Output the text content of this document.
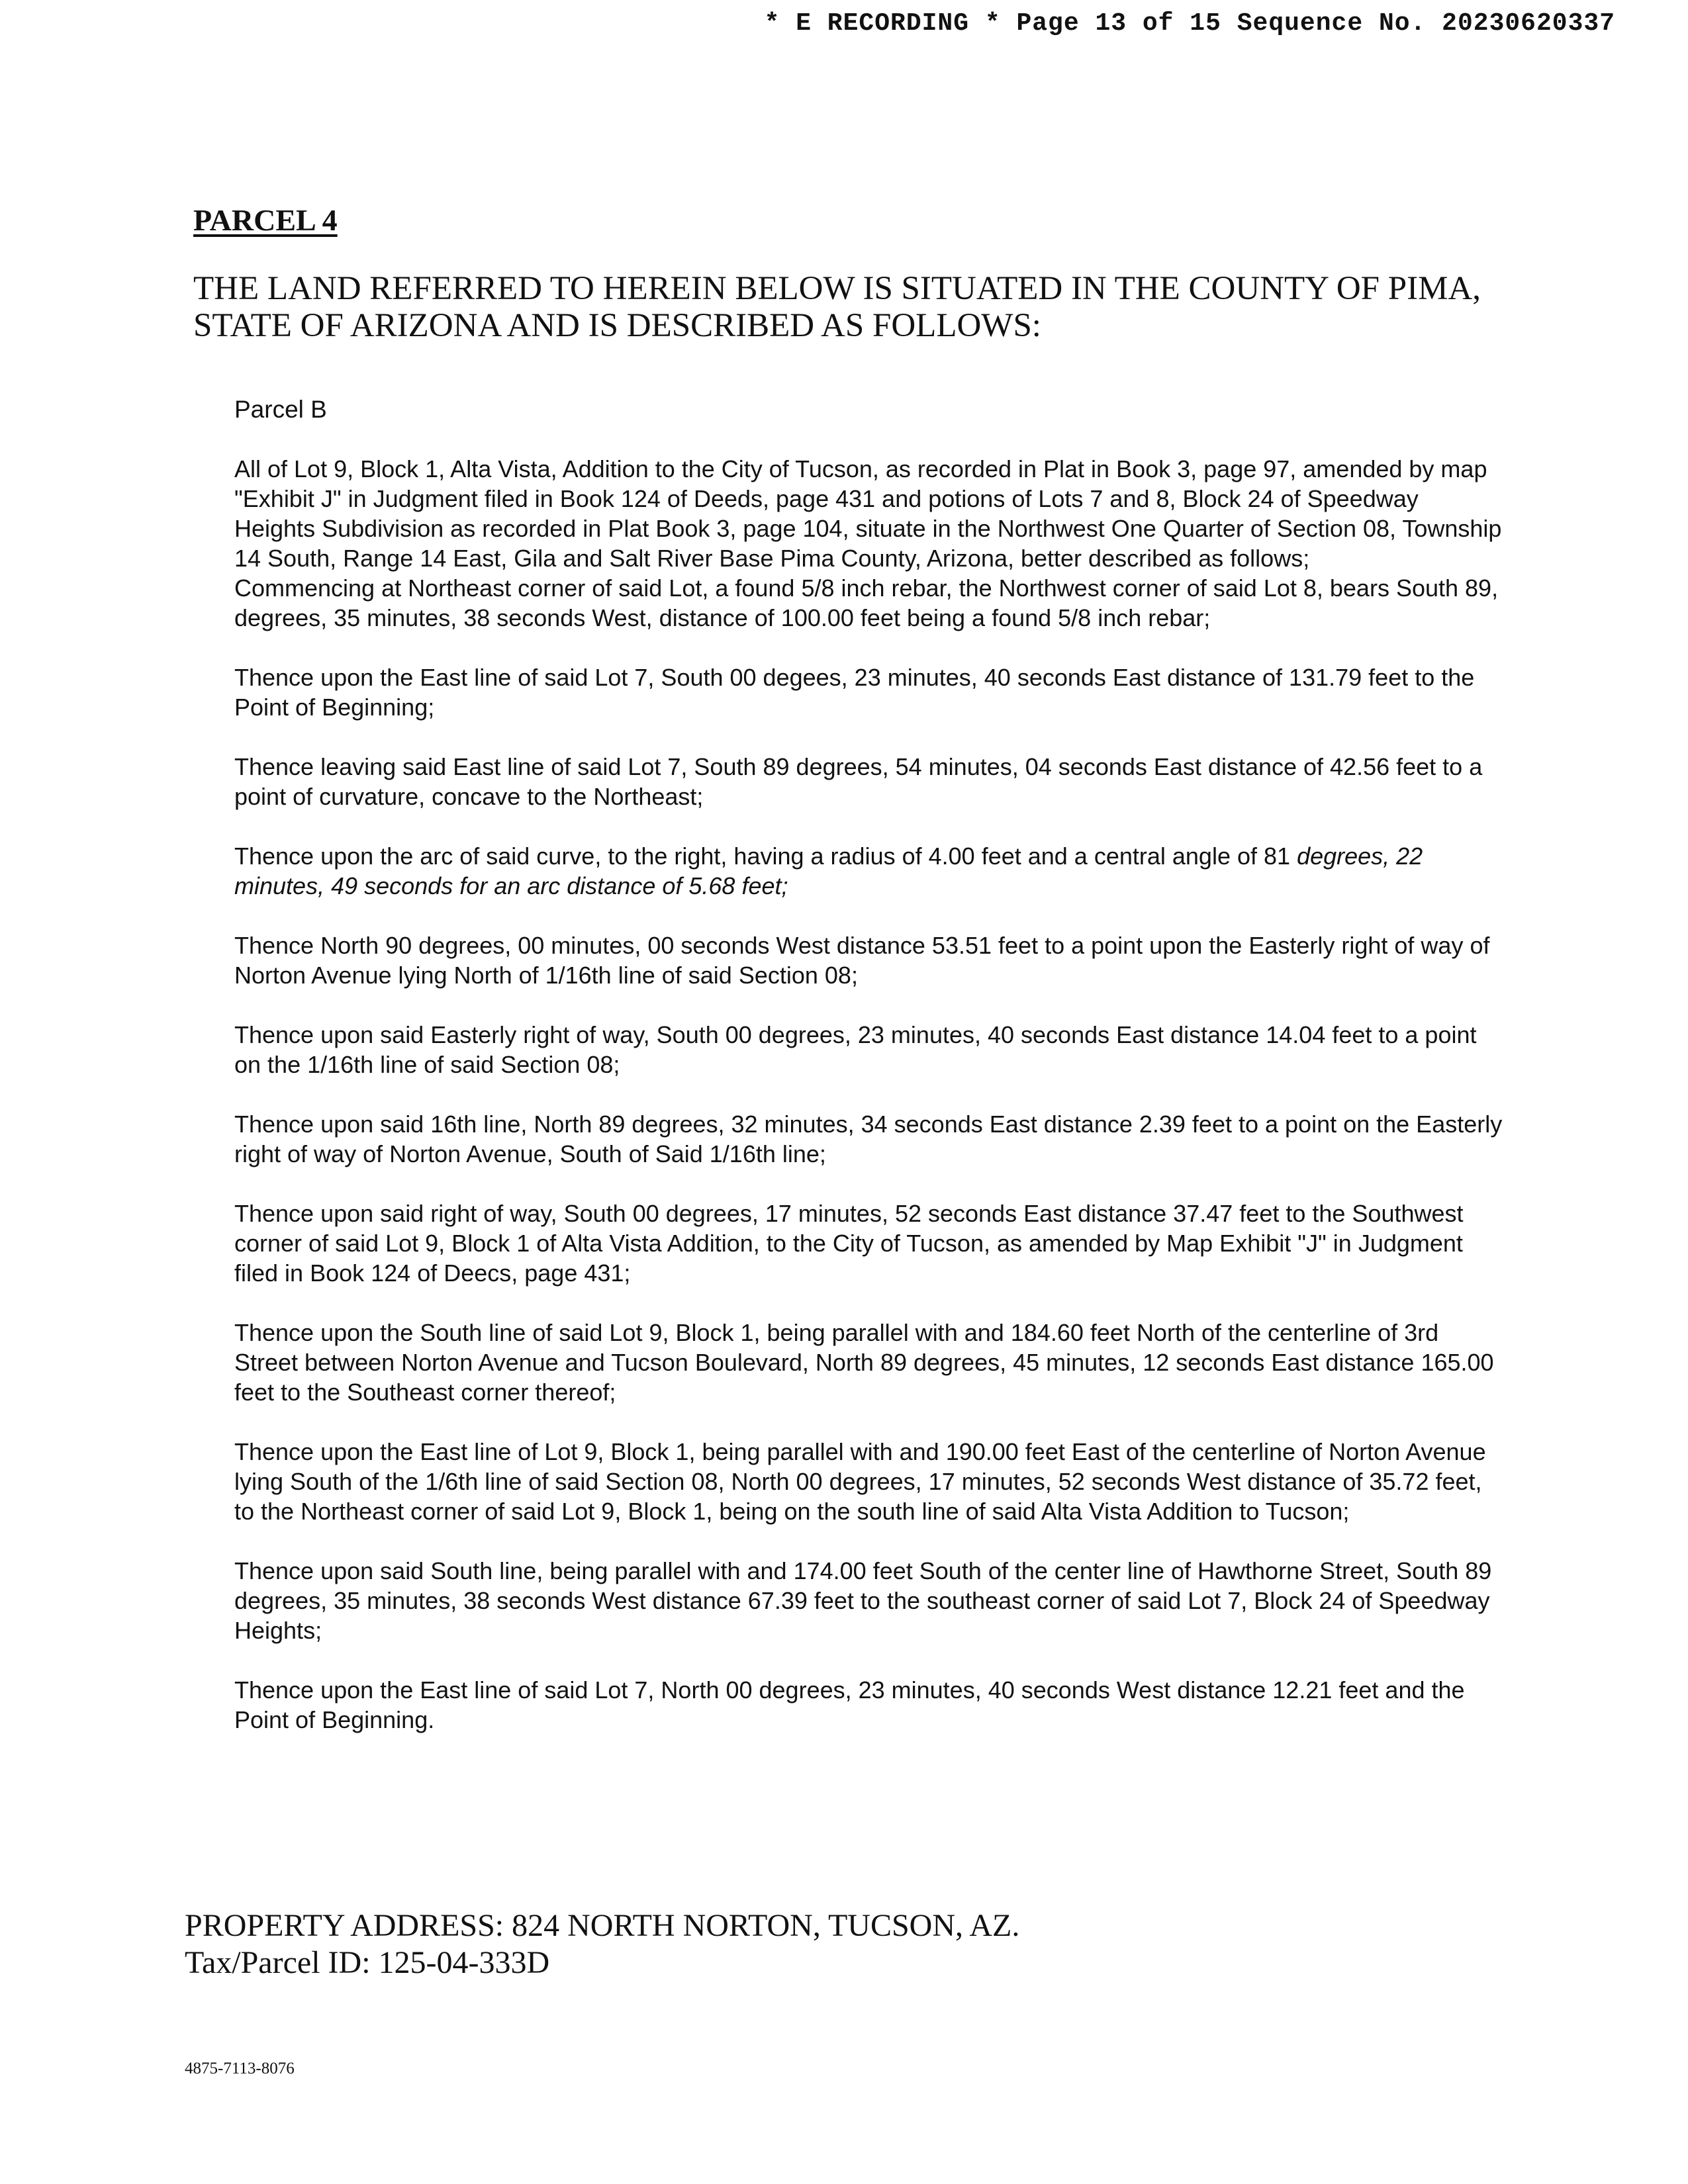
* E RECORDING * Page 13 of 15 Sequence No. 20230620337
PARCEL 4
THE LAND REFERRED TO HEREIN BELOW IS SITUATED IN THE COUNTY OF PIMA, STATE OF ARIZONA AND IS DESCRIBED AS FOLLOWS:
Parcel B

All of Lot 9, Block 1, Alta Vista, Addition to the City of Tucson, as recorded in Plat in Book 3, page 97, amended by map "Exhibit J" in Judgment filed in Book 124 of Deeds, page 431 and potions of Lots 7 and 8, Block 24 of Speedway Heights Subdivision as recorded in Plat Book 3, page 104, situate in the Northwest One Quarter of Section 08, Township 14 South, Range 14 East, Gila and Salt River Base Pima County, Arizona, better described as follows;

Commencing at Northeast corner of said Lot, a found 5/8 inch rebar, the Northwest corner of said Lot 8, bears South 89, degrees, 35 minutes, 38 seconds West, distance of 100.00 feet being a found 5/8 inch rebar;

Thence upon the East line of said Lot 7, South 00 degees, 23 minutes, 40 seconds East distance of 131.79 feet to the

Point of Beginning;

Thence leaving said East line of said Lot 7, South 89 degrees, 54 minutes, 04 seconds East distance of 42.56 feet to a point of curvature, concave to the Northeast;

Thence upon the arc of said curve, to the right, having a radius of 4.00 feet and a central angle of 81 degrees, 22 minutes, 49 seconds for an arc distance of 5.68 feet;

Thence North 90 degrees, 00 minutes, 00 seconds West distance 53.51 feet to a point upon the Easterly right of way of Norton Avenue lying North of 1/16th line of said Section 08;

Thence upon said Easterly right of way, South 00 degrees, 23 minutes, 40 seconds East distance 14.04 feet to a point on the 1/16th line of said Section 08;

Thence upon said 16th line, North 89 degrees, 32 minutes, 34 seconds East distance 2.39 feet to a point on the Easterly right of way of Norton Avenue, South of Said 1/16th line;

Thence upon said right of way, South 00 degrees, 17 minutes, 52 seconds East distance 37.47 feet to the Southwest corner of said Lot 9, Block 1 of Alta Vista Addition, to the City of Tucson, as amended by Map Exhibit "J" in Judgment filed in Book 124 of Deecs, page 431;

Thence upon the South line of said Lot 9, Block 1, being parallel with and 184.60 feet North of the centerline of 3rd Street between Norton Avenue and Tucson Boulevard, North 89 degrees, 45 minutes, 12 seconds East distance 165.00 feet to the Southeast corner thereof;

Thence upon the East line of Lot 9, Block 1, being parallel with and 190.00 feet East of the centerline of Norton Avenue lying South of the 1/6th line of said Section 08, North 00 degrees, 17 minutes, 52 seconds West distance of 35.72 feet, to the Northeast corner of said Lot 9, Block 1, being on the south line of said Alta Vista Addition to Tucson;

Thence upon said South line, being parallel with and 174.00 feet South of the center line of Hawthorne Street, South 89 degrees, 35 minutes, 38 seconds West distance 67.39 feet to the southeast corner of said Lot 7, Block 24 of Speedway Heights;

Thence upon the East line of said Lot 7, North 00 degrees, 23 minutes, 40 seconds West distance 12.21 feet and the Point of Beginning.

PROPERTY ADDRESS: 824 NORTH NORTON, TUCSON, AZ.
Tax/Parcel ID: 125-04-333D
4875-7113-8076
